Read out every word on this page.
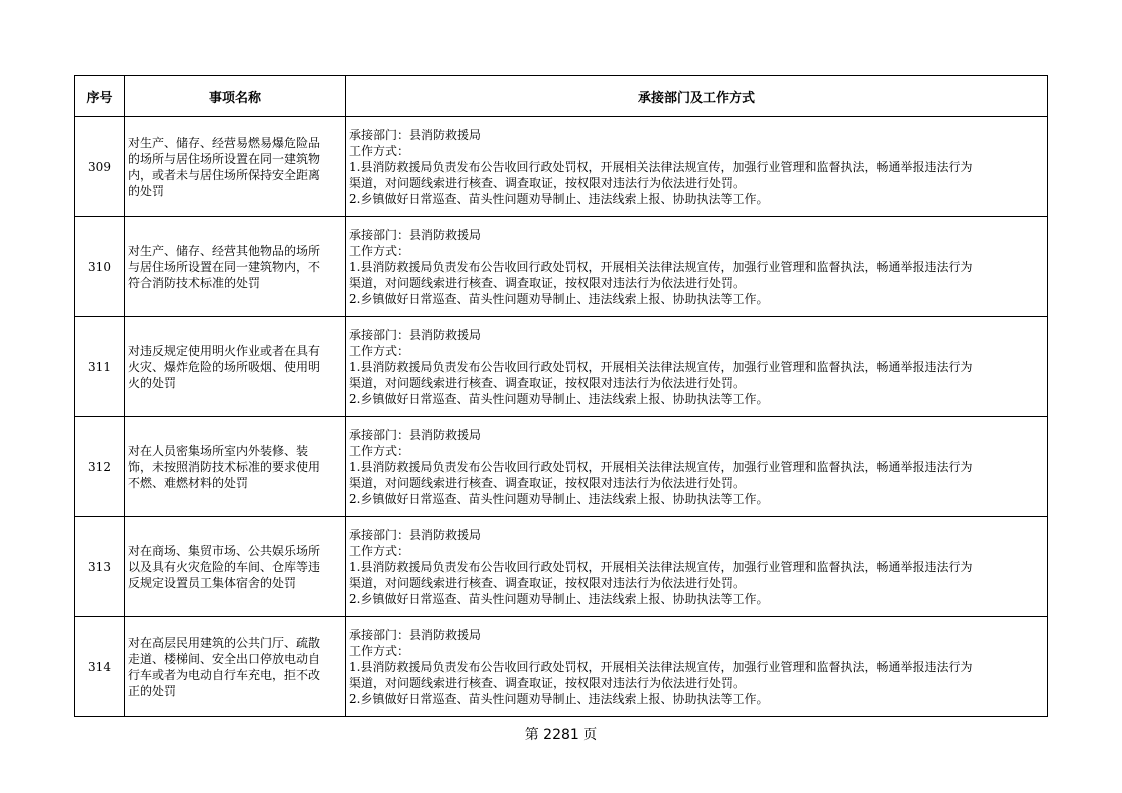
序号	事项名称	承接部门及工作方式
309	对生产、储存、经营易燃易爆危险品
的场所与居住场所设置在同一建筑物
内，或者未与居住场所保持安全距离
的处罚	承接部门：县消防救援局
工作方式：
1.县消防救援局负责发布公告收回行政处罚权，开展相关法律法规宣传，加强行业管理和监督执法，畅通举报违法行为
渠道，对问题线索进行核查、调查取证，按权限对违法行为依法进行处罚。
2.乡镇做好日常巡查、苗头性问题劝导制止、违法线索上报、协助执法等工作。

310	对生产、储存、经营其他物品的场所
与居住场所设置在同一建筑物内，不
符合消防技术标准的处罚	承接部门：县消防救援局
工作方式：
1.县消防救援局负责发布公告收回行政处罚权，开展相关法律法规宣传，加强行业管理和监督执法，畅通举报违法行为
渠道，对问题线索进行核查、调查取证，按权限对违法行为依法进行处罚。
2.乡镇做好日常巡查、苗头性问题劝导制止、违法线索上报、协助执法等工作。

311	对违反规定使用明火作业或者在具有
火灾、爆炸危险的场所吸烟、使用明
火的处罚	承接部门：县消防救援局
工作方式：
1.县消防救援局负责发布公告收回行政处罚权，开展相关法律法规宣传，加强行业管理和监督执法，畅通举报违法行为
渠道，对问题线索进行核查、调查取证，按权限对违法行为依法进行处罚。
2.乡镇做好日常巡查、苗头性问题劝导制止、违法线索上报、协助执法等工作。

312	对在人员密集场所室内外装修、装
饰，未按照消防技术标准的要求使用
不燃、难燃材料的处罚	承接部门：县消防救援局
工作方式：
1.县消防救援局负责发布公告收回行政处罚权，开展相关法律法规宣传，加强行业管理和监督执法，畅通举报违法行为
渠道，对问题线索进行核查、调查取证，按权限对违法行为依法进行处罚。
2.乡镇做好日常巡查、苗头性问题劝导制止、违法线索上报、协助执法等工作。

313	对在商场、集贸市场、公共娱乐场所
以及具有火灾危险的车间、仓库等违
反规定设置员工集体宿舍的处罚	承接部门：县消防救援局
工作方式：
1.县消防救援局负责发布公告收回行政处罚权，开展相关法律法规宣传，加强行业管理和监督执法，畅通举报违法行为
渠道，对问题线索进行核查、调查取证，按权限对违法行为依法进行处罚。
2.乡镇做好日常巡查、苗头性问题劝导制止、违法线索上报、协助执法等工作。

314	对在高层民用建筑的公共门厅、疏散
走道、楼梯间、安全出口停放电动自
行车或者为电动自行车充电，拒不改
正的处罚	承接部门：县消防救援局
工作方式：
1.县消防救援局负责发布公告收回行政处罚权，开展相关法律法规宣传，加强行业管理和监督执法，畅通举报违法行为
渠道，对问题线索进行核查、调查取证，按权限对违法行为依法进行处罚。
2.乡镇做好日常巡查、苗头性问题劝导制止、违法线索上报、协助执法等工作。
第 2281 页
